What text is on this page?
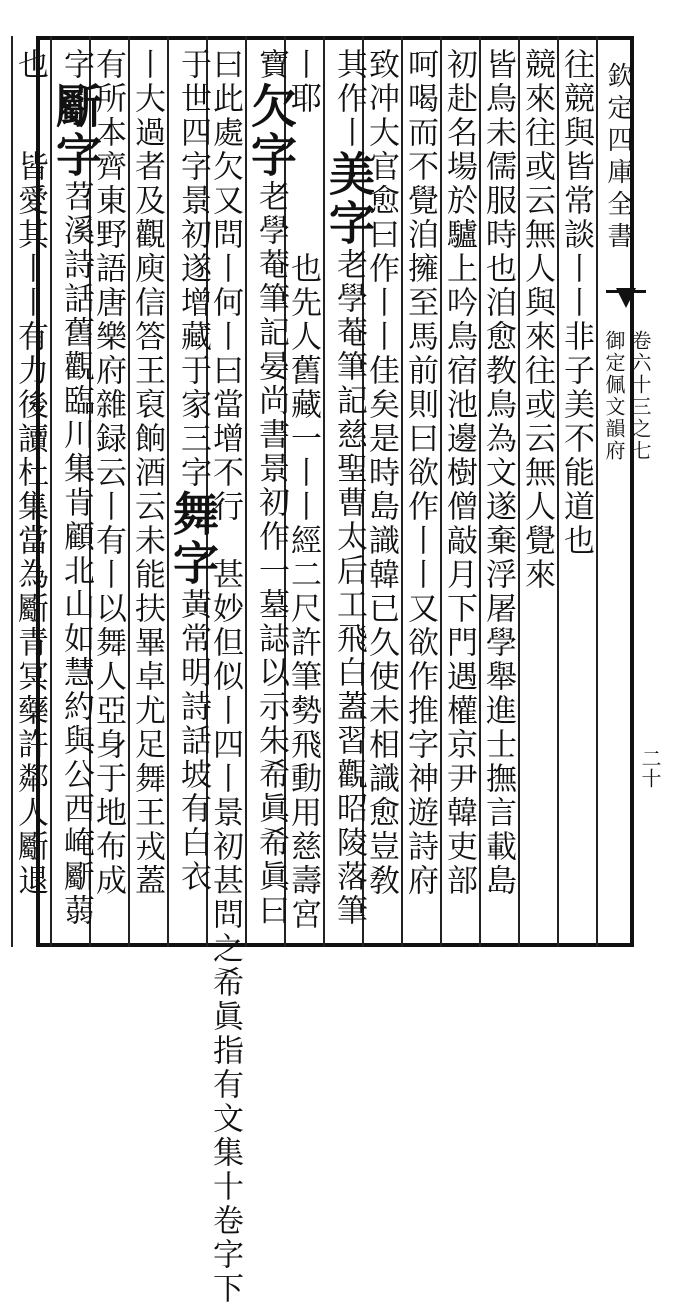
欽定四庫全書
御定佩文韻府 卷六十三之七
二十
往競與皆常談丨丨非子美不能道也
競來往或云無人與來往或云無人覺來
皆鳥未儒服時也洎愈教鳥為文遂棄浮屠學舉進士撫言載島
初赴名場於驢上吟鳥宿池邊樹僧敲月下門遇權京尹韓吏部
呵喝而不覺洎擁至馬前則曰欲作丨丨又欲作推字神遊詩府
致冲大官愈曰作丨丨佳矣是時島識韓已久使未相識愈豈敎
其作丨美字老學菴筆記慈聖曹太后工飛白蓋習觀昭陵落筆
丨耶　　　　也先人舊藏一丨丨經二尺許筆勢飛動用慈壽宮
寶欠字老學菴筆記晏尚書景初作一墓誌以示朱希眞希眞曰
曰此處欠又問丨何丨曰當增不行　甚妙但似丨四丨景初甚問之希眞指有文集十卷字下
于世四字景初遂增藏于家三字舞字黃常明詩話坡有白衣
丨大過者及觀庾信答王裒餉酒云未能扶畢卓尤足舞王戎蓋
有所本齊東野語唐樂府雜録云丨有丨以舞人亞身于地布成
字斸字苕溪詩話舊觀臨川集肯顧北山如慧約與公西崦斸蒻
也　　皆愛其丨丨有力後讀杜集當為斸青冥藥許鄰人斸退
